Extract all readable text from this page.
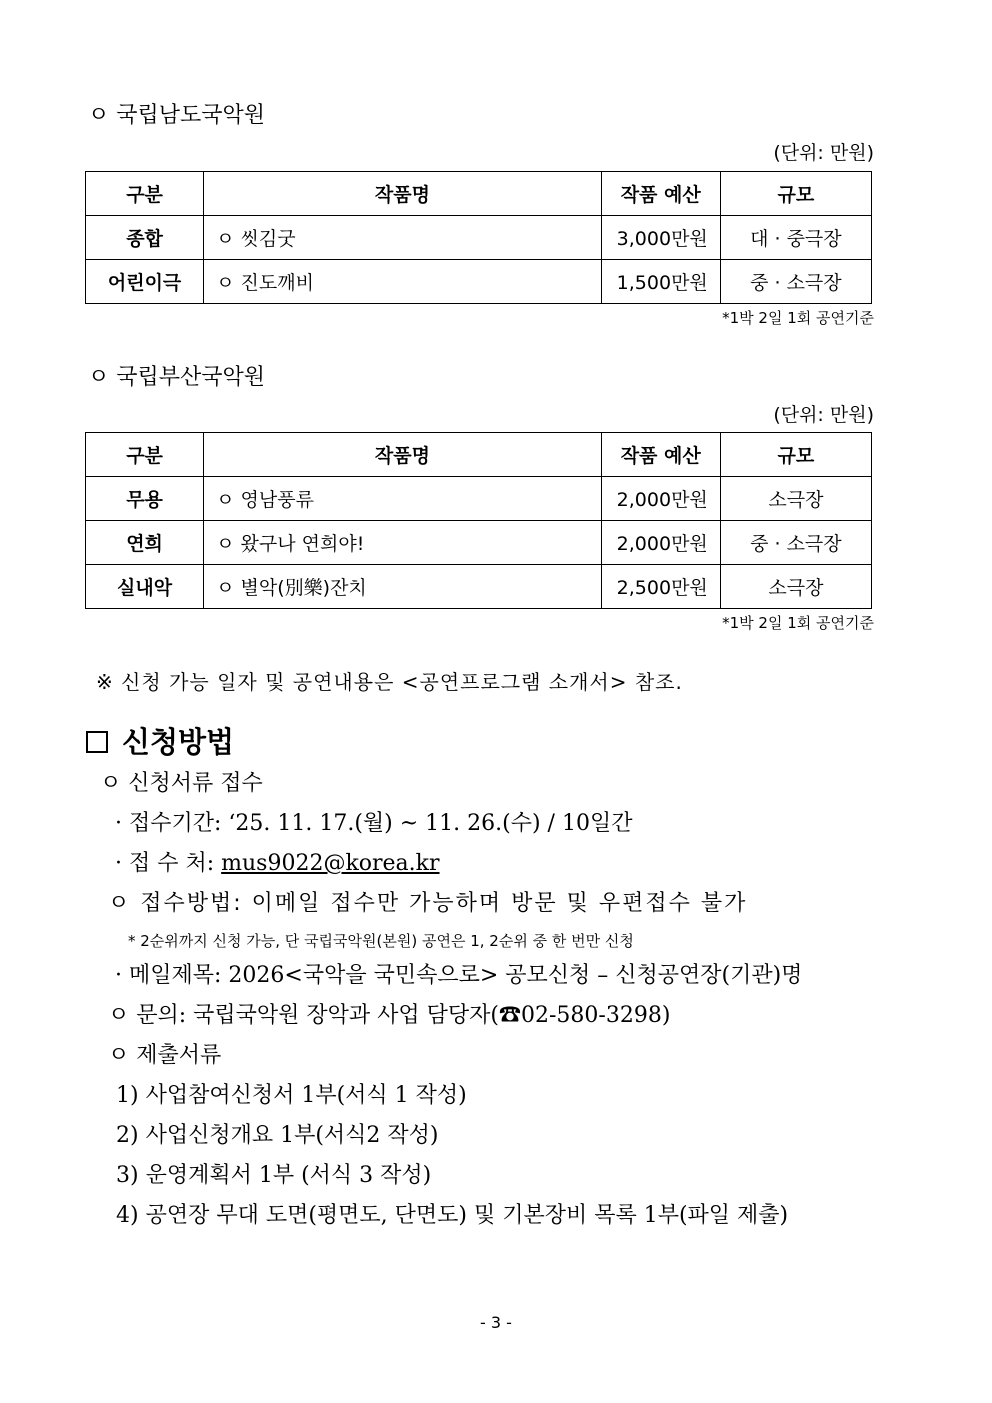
ㅇ 국립남도국악원
(단위: 만원)
구분	작품명	작품 예산	규모
종합	ㅇ 씻김굿	3,000만원	대 · 중극장
어린이극	ㅇ 진도깨비	1,500만원	중 · 소극장
*1박 2일 1회 공연기준
ㅇ 국립부산국악원
(단위: 만원)
구분	작품명	작품 예산	규모
무용	ㅇ 영남풍류	2,000만원	소극장
연희	ㅇ 왔구나 연희야!	2,000만원	중 · 소극장
실내악	ㅇ 별악(別樂)잔치	2,500만원	소극장
*1박 2일 1회 공연기준
※ 신청 가능 일자 및 공연내용은 <공연프로그램 소개서> 참조.
신청방법
ㅇ 신청서류 접수
· 접수기간: ‘25. 11. 17.(월) ~ 11. 26.(수) / 10일간
· 접 수 처: mus9022@korea.kr
ㅇ 접수방법: 이메일 접수만 가능하며 방문 및 우편접수 불가
* 2순위까지 신청 가능, 단 국립국악원(본원) 공연은 1, 2순위 중 한 번만 신청
· 메일제목: 2026<국악을 국민속으로> 공모신청 – 신청공연장(기관)명
ㅇ 문의: 국립국악원 장악과 사업 담당자(☎02-580-3298)
ㅇ 제출서류
1) 사업참여신청서 1부(서식 1 작성)
2) 사업신청개요 1부(서식2 작성)
3) 운영계획서 1부 (서식 3 작성)
4) 공연장 무대 도면(평면도, 단면도) 및 기본장비 목록 1부(파일 제출)
- 3 -
